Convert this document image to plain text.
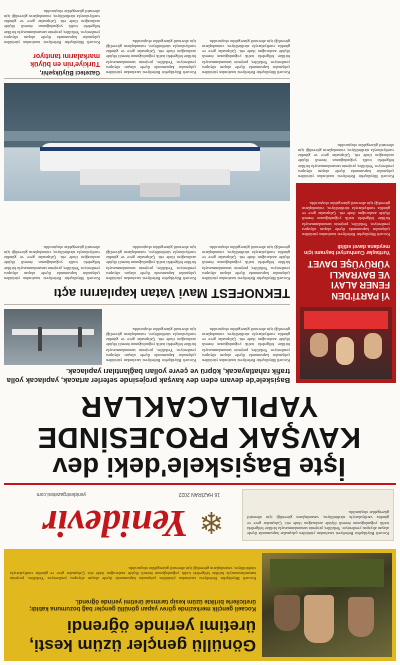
Gönüllü gençler üzüm kesti,
üretimi yerinde öğrendi
Kocaeli gençlik merkezinde görev yapan gönüllü gençler bağ bozumuna katıldı; üreticilerle birlikte üzüm kesip tarımsal üretimi yerinde öğrendi.
Kocaeli Büyükşehir Belediyesi tarafından yürütülen çalışmalar kapsamında ilçede ulaşım altyapısı yenileniyor. Yetkililer, projenin tamamlanmasıyla birlikte bölgedeki trafik yoğunluğunun önemli ölçüde azalacağını ifade etti. Çalışmalar gece ve gündüz vardiyalarıyla sürdürülüyor, vatandaşların güvenliği için alternatif güzergahlar oluşturuldu.
Kocaeli Büyükşehir Belediyesi tarafından yürütülen çalışmalar kapsamında ilçede ulaşım altyapısı yenileniyor. Yetkililer, projenin tamamlanmasıyla birlikte bölgedeki trafik yoğunluğunun önemli ölçüde azalacağını ifade etti. Çalışmalar gece ve gündüz vardiyalarıyla sürdürülüyor, vatandaşların güvenliği için alternatif güzergahlar oluşturuldu.
❄
Yenidevir
16 HAZİRAN 2022
yenidevirgazetesi.com
İşte Başiskele'deki dev
KAVŞAK PROJESİNDE
YAPILACAKLAR
Başiskele'de devam eden dev kavşak projesinde seferler artacak, yapılacak yolla trafik rahatlayacak, köprü ve çevre yolları bağlantıları yapılacak.
Yİ PARTİ'DEN
FENER ALAYI
VE BAYRAKLI
YÜRÜYÜŞE DAVET
Yurttaşlar Cumhuriyet bayramı için meydana davet edildi
Kocaeli Büyükşehir Belediyesi tarafından yürütülen çalışmalar kapsamında ilçede ulaşım altyapısı yenileniyor. Yetkililer, projenin tamamlanmasıyla birlikte bölgedeki trafik yoğunluğunun önemli ölçüde azalacağını ifade etti. Çalışmalar gece ve gündüz vardiyalarıyla sürdürülüyor, vatandaşların güvenliği için alternatif güzergahlar oluşturuldu.
Kocaeli Büyükşehir Belediyesi tarafından yürütülen çalışmalar kapsamında ilçede ulaşım altyapısı yenileniyor. Yetkililer, projenin tamamlanmasıyla birlikte bölgedeki trafik yoğunluğunun önemli ölçüde azalacağını ifade etti. Çalışmalar gece ve gündüz vardiyalarıyla sürdürülüyor, vatandaşların güvenliği için alternatif güzergahlar oluşturuldu.
Kocaeli Büyükşehir Belediyesi tarafından yürütülen çalışmalar kapsamında ilçede ulaşım altyapısı yenileniyor. Yetkililer, projenin tamamlanmasıyla birlikte bölgedeki trafik yoğunluğunun önemli ölçüde azalacağını ifade etti. Çalışmalar gece ve gündüz vardiyalarıyla sürdürülüyor, vatandaşların güvenliği için alternatif güzergahlar oluşturuldu.
Kocaeli Büyükşehir Belediyesi tarafından yürütülen çalışmalar kapsamında ilçede ulaşım altyapısı yenileniyor. Yetkililer, projenin tamamlanmasıyla birlikte bölgedeki trafik yoğunluğunun önemli ölçüde azalacağını ifade etti. Çalışmalar gece ve gündüz vardiyalarıyla sürdürülüyor, vatandaşların güvenliği için alternatif güzergahlar oluşturuldu.
TEKNOFEST Mavi Vatan kapılarını açtı
Kocaeli Büyükşehir Belediyesi tarafından yürütülen çalışmalar kapsamında ilçede ulaşım altyapısı yenileniyor. Yetkililer, projenin tamamlanmasıyla birlikte bölgedeki trafik yoğunluğunun önemli ölçüde azalacağını ifade etti. Çalışmalar gece ve gündüz vardiyalarıyla sürdürülüyor, vatandaşların güvenliği için alternatif güzergahlar oluşturuldu.
Kocaeli Büyükşehir Belediyesi tarafından yürütülen çalışmalar kapsamında ilçede ulaşım altyapısı yenileniyor. Yetkililer, projenin tamamlanmasıyla birlikte bölgedeki trafik yoğunluğunun önemli ölçüde azalacağını ifade etti. Çalışmalar gece ve gündüz vardiyalarıyla sürdürülüyor, vatandaşların güvenliği için alternatif güzergahlar oluşturuldu.
Kocaeli Büyükşehir Belediyesi tarafından yürütülen çalışmalar kapsamında ilçede ulaşım altyapısı yenileniyor. Yetkililer, projenin tamamlanmasıyla birlikte bölgedeki trafik yoğunluğunun önemli ölçüde azalacağını ifade etti. Çalışmalar gece ve gündüz vardiyalarıyla sürdürülüyor, vatandaşların güvenliği için alternatif güzergahlar oluşturuldu.
Gazeteci Büyükşehir,
Türkiye'nin en büyük markalarını tanıtıyor
Kocaeli Büyükşehir Belediyesi tarafından yürütülen çalışmalar kapsamında ilçede ulaşım altyapısı yenileniyor. Yetkililer, projenin tamamlanmasıyla birlikte bölgedeki trafik yoğunluğunun önemli ölçüde azalacağını ifade etti. Çalışmalar gece ve gündüz vardiyalarıyla sürdürülüyor, vatandaşların güvenliği için alternatif güzergahlar oluşturuldu.
Kocaeli Büyükşehir Belediyesi tarafından yürütülen çalışmalar kapsamında ilçede ulaşım altyapısı yenileniyor. Yetkililer, projenin tamamlanmasıyla birlikte bölgedeki trafik yoğunluğunun önemli ölçüde azalacağını ifade etti. Çalışmalar gece ve gündüz vardiyalarıyla sürdürülüyor, vatandaşların güvenliği için alternatif güzergahlar oluşturuldu.
Kocaeli Büyükşehir Belediyesi tarafından yürütülen çalışmalar kapsamında ilçede ulaşım altyapısı yenileniyor. Yetkililer, projenin tamamlanmasıyla birlikte bölgedeki trafik yoğunluğunun önemli ölçüde azalacağını ifade etti. Çalışmalar gece ve gündüz vardiyalarıyla sürdürülüyor, vatandaşların güvenliği için alternatif güzergahlar oluşturuldu.
